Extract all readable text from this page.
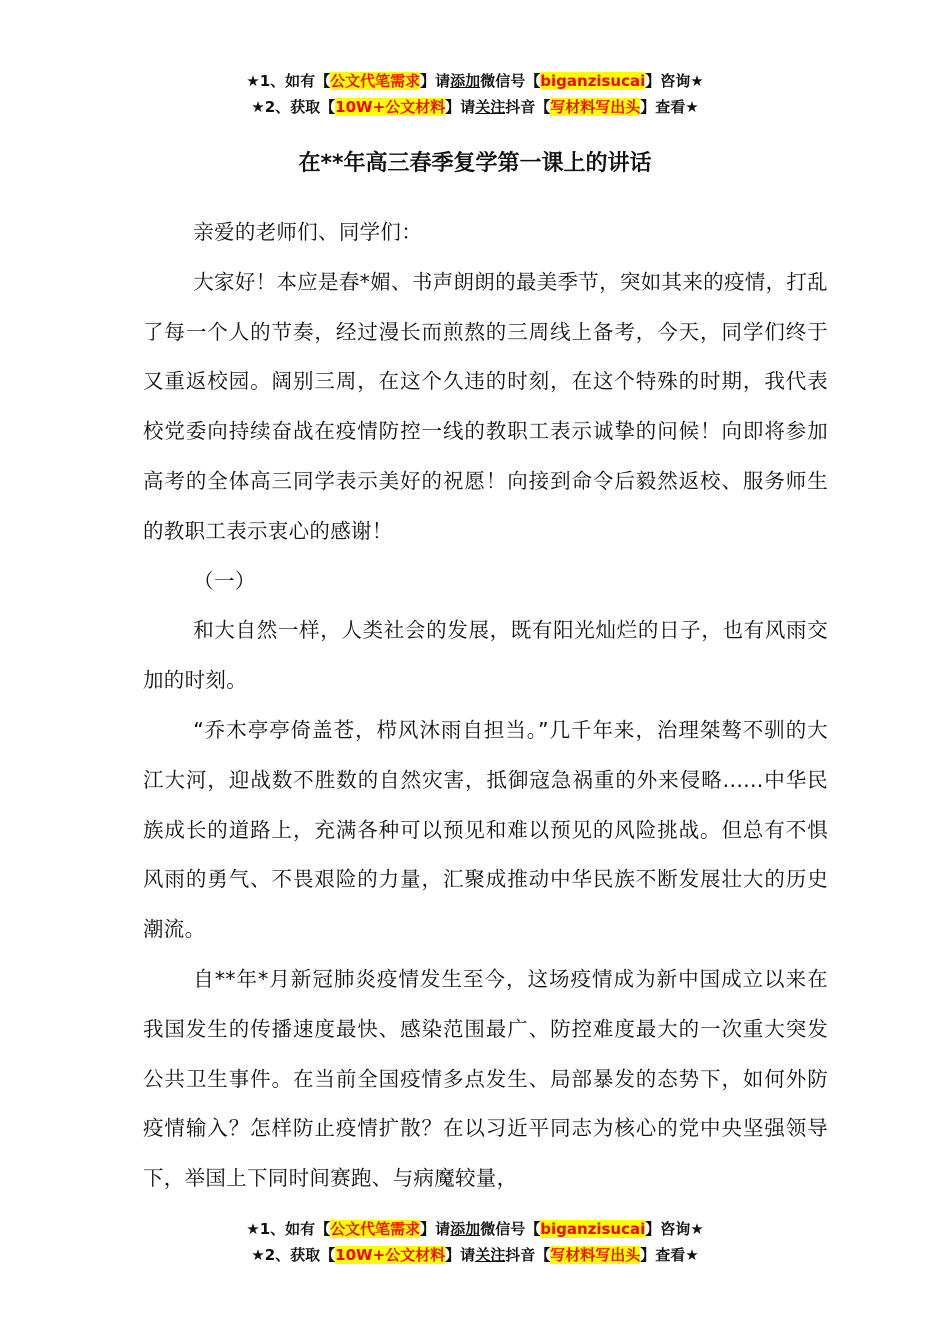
★1、如有【公文代笔需求】请添加微信号【biganzisucai】咨询★
★2、获取【10W+公文材料】请关注抖音【写材料写出头】查看★
在**年高三春季复学第一课上的讲话

亲爱的老师们、同学们：

大家好！本应是春*媚、书声朗朗的最美季节，突如其来的疫情，打乱了每一个人的节奏，经过漫长而煎熬的三周线上备考，今天，同学们终于又重返校园。阔别三周，在这个久违的时刻，在这个特殊的时期，我代表校党委向持续奋战在疫情防控一线的教职工表示诚挚的问候！向即将参加高考的全体高三同学表示美好的祝愿！向接到命令后毅然返校、服务师生的教职工表示衷心的感谢！

（一）

和大自然一样，人类社会的发展，既有阳光灿烂的日子，也有风雨交加的时刻。

“乔木亭亭倚盖苍，栉风沐雨自担当。”几千年来，治理桀骜不驯的大江大河，迎战数不胜数的自然灾害，抵御寇急祸重的外来侵略......中华民族成长的道路上，充满各种可以预见和难以预见的风险挑战。但总有不惧风雨的勇气、不畏艰险的力量，汇聚成推动中华民族不断发展壮大的历史潮流。

自**年*月新冠肺炎疫情发生至今，这场疫情成为新中国成立以来在我国发生的传播速度最快、感染范围最广、防控难度最大的一次重大突发公共卫生事件。在当前全国疫情多点发生、局部暴发的态势下，如何外防疫情输入？怎样防止疫情扩散？在以习近平同志为核心的党中央坚强领导下，举国上下同时间赛跑、与病魔较量，

★1、如有【公文代笔需求】请添加微信号【biganzisucai】咨询★
★2、获取【10W+公文材料】请关注抖音【写材料写出头】查看★
